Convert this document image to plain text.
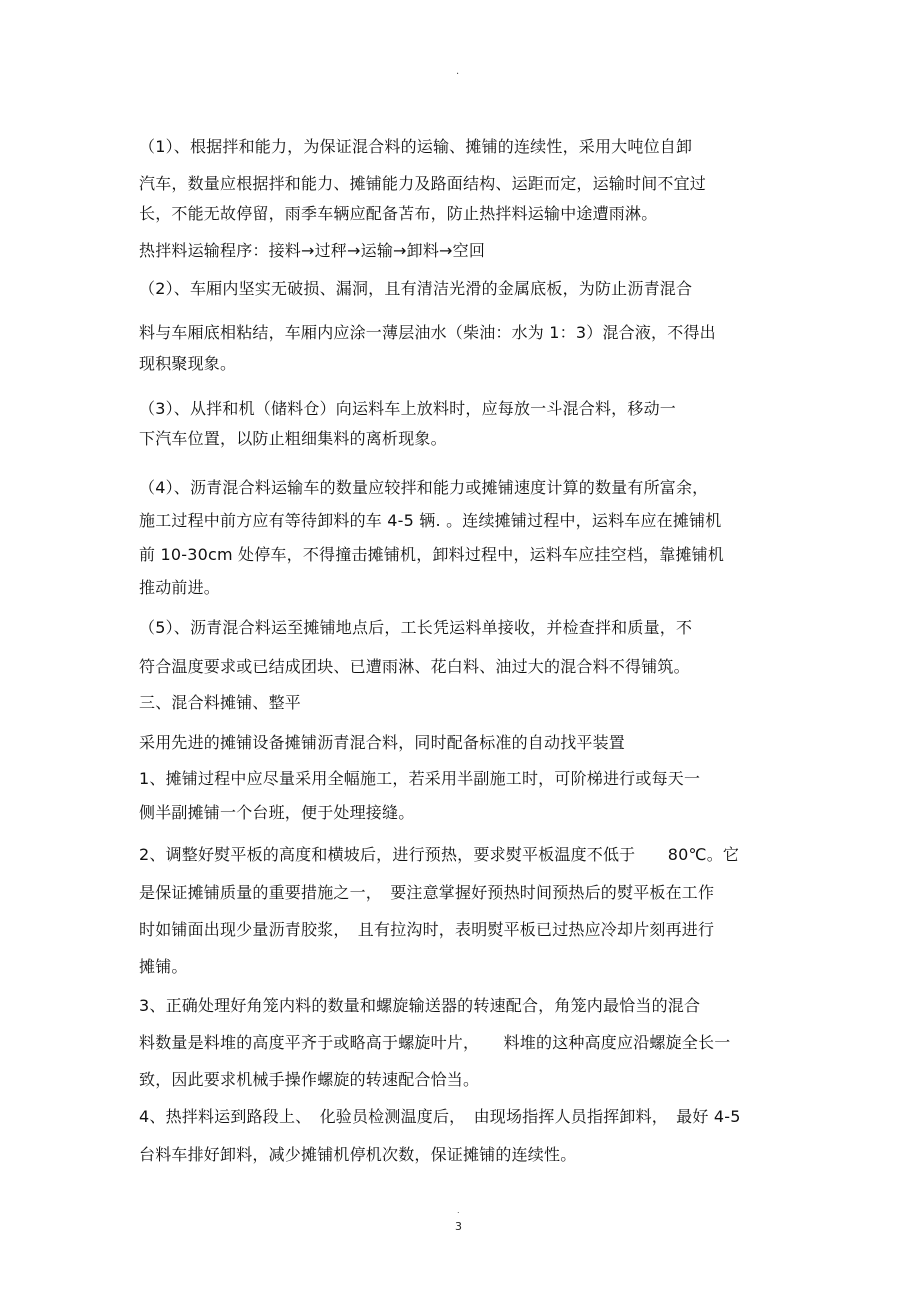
.
（1）、根据拌和能力，为保证混合料的运输、摊铺的连续性，采用大吨位自卸
汽车，数量应根据拌和能力、摊铺能力及路面结构、运距而定，运输时间不宜过
长，不能无故停留，雨季车辆应配备苫布，防止热拌料运输中途遭雨淋。
热拌料运输程序：接料→过秤→运输→卸料→空回
（2）、车厢内坚实无破损、漏洞，且有清洁光滑的金属底板，为防止沥青混合
料与车厢底相粘结，车厢内应涂一薄层油水（柴油：水为 1：3）混合液，不得出
现积聚现象。
（3）、从拌和机（储料仓）向运料车上放料时，应每放一斗混合料，移动一
下汽车位置，以防止粗细集料的离析现象。
（4）、沥青混合料运输车的数量应较拌和能力或摊铺速度计算的数量有所富余，
施工过程中前方应有等待卸料的车 4-5 辆. 。连续摊铺过程中，运料车应在摊铺机
前 10-30cm 处停车，不得撞击摊铺机，卸料过程中，运料车应挂空档，靠摊铺机
推动前进。
（5）、沥青混合料运至摊铺地点后，工长凭运料单接收，并检查拌和质量，不
符合温度要求或已结成团块、已遭雨淋、花白料、油过大的混合料不得铺筑。
三、混合料摊铺、整平
采用先进的摊铺设备摊铺沥青混合料，同时配备标准的自动找平装置
1、摊铺过程中应尽量采用全幅施工，若采用半副施工时，可阶梯进行或每天一
侧半副摊铺一个台班，便于处理接缝。
2、调整好熨平板的高度和横坡后，进行预热，要求熨平板温度不低于　　80℃。它
是保证摊铺质量的重要措施之一，　要注意掌握好预热时间预热后的熨平板在工作
时如铺面出现少量沥青胶浆，　且有拉沟时，表明熨平板已过热应冷却片刻再进行
摊铺。
3、正确处理好角笼内料的数量和螺旋输送器的转速配合，角笼内最恰当的混合
料数量是料堆的高度平齐于或略高于螺旋叶片，　　料堆的这种高度应沿螺旋全长一
致，因此要求机械手操作螺旋的转速配合恰当。
4、热拌料运到路段上、　化验员检测温度后，　由现场指挥人员指挥卸料，　最好 4-5
台料车排好卸料，减少摊铺机停机次数，保证摊铺的连续性。
.
3
